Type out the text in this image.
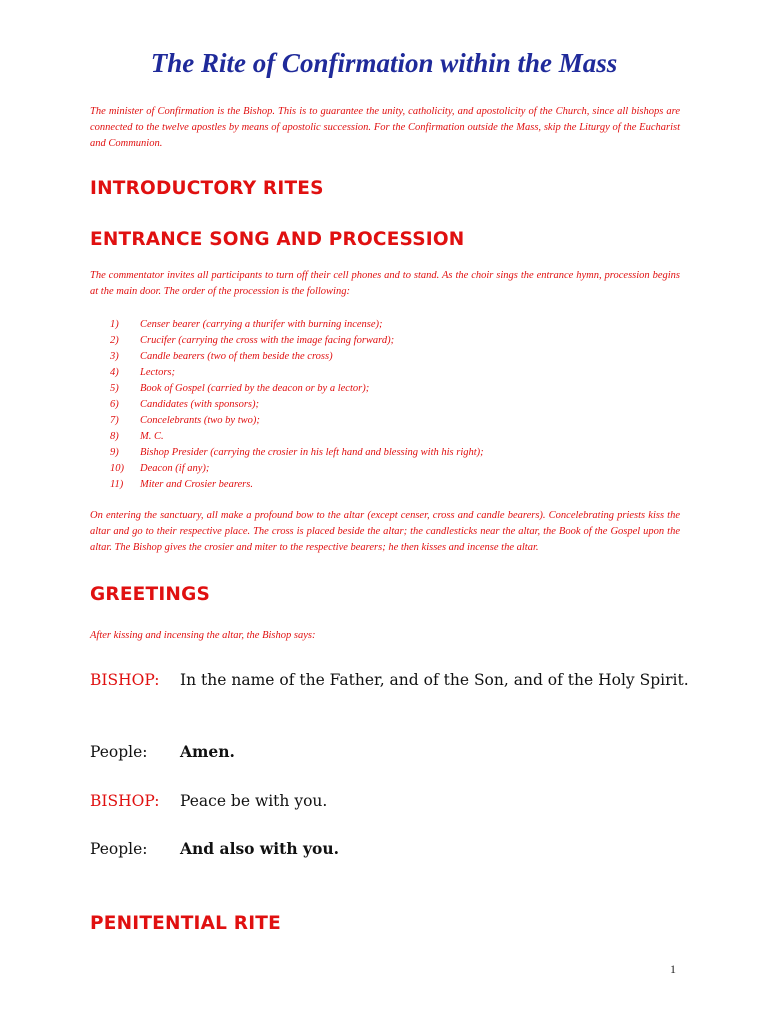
The Rite of Confirmation within the Mass

The minister of Confirmation is the Bishop. This is to guarantee the unity, catholicity, and apostolicity of the Church, since all bishops are connected to the twelve apostles by means of apostolic succession. For the Confirmation outside the Mass, skip the Liturgy of the Eucharist and Communion.

INTRODUCTORY RITES
ENTRANCE SONG AND PROCESSION

The commentator invites all participants to turn off their cell phones and to stand. As the choir sings the entrance hymn, procession begins at the main door. The order of the procession is the following:

1) Censer bearer (carrying a thurifer with burning incense);
2) Crucifer (carrying the cross with the image facing forward);
3) Candle bearers (two of them beside the cross)
4) Lectors;
5) Book of Gospel (carried by the deacon or by a lector);
6) Candidates (with sponsors);
7) Concelebrants (two by two);
8) M. C.
9) Bishop Presider (carrying the crosier in his left hand and blessing with his right);
10) Deacon (if any);
11) Miter and Crosier bearers.

On entering the sanctuary, all make a profound bow to the altar (except censer, cross and candle bearers). Concelebrating priests kiss the altar and go to their respective place. The cross is placed beside the altar; the candlesticks near the altar, the Book of the Gospel upon the altar. The Bishop gives the crosier and miter to the respective bearers; he then kisses and incense the altar.

GREETINGS

After kissing and incensing the altar, the Bishop says:

BISHOP:	In the name of the Father, and of the Son, and of the Holy Spirit.
People:	Amen.
BISHOP:	Peace be with you.
People:	And also with you.
PENITENTIAL RITE
1
